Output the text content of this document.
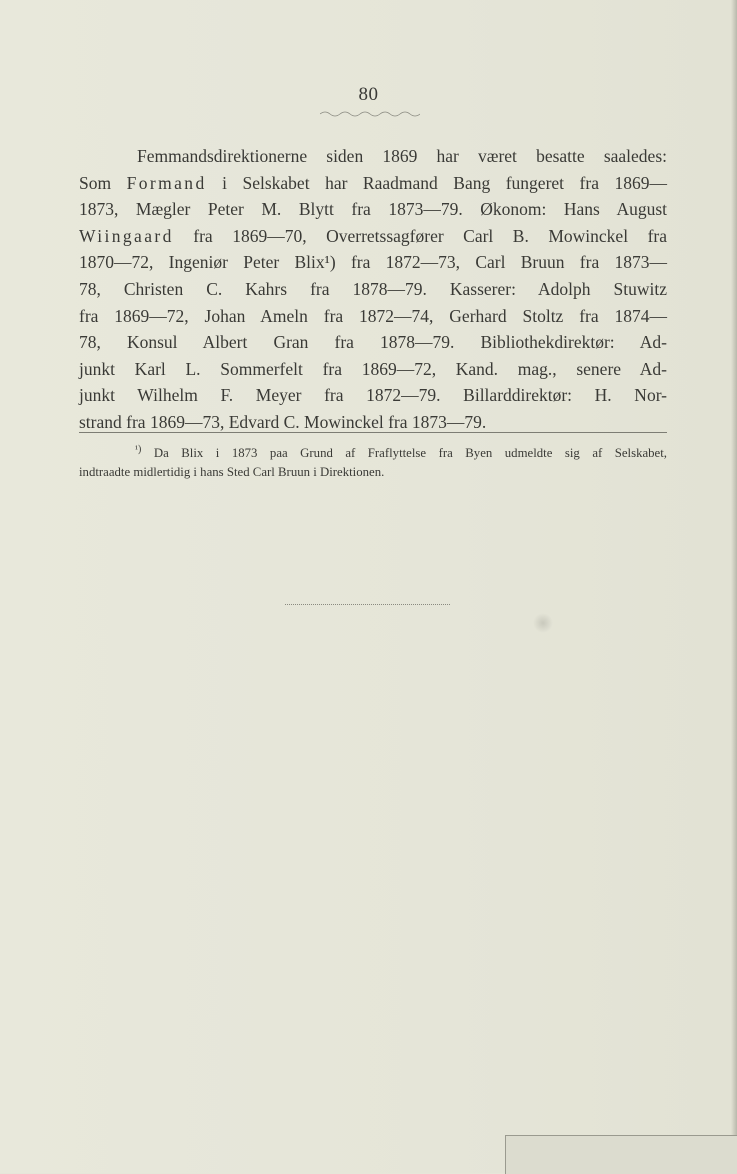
80
Femmandsdirektionerne siden 1869 har været besatte saaledes:
Som Formand i Selskabet har Raadmand Bang fungeret fra 1869—
1873, Mægler Peter M. Blytt fra 1873—79. Økonom: Hans August
Wiingaard fra 1869—70, Overretssagfører Carl B. Mowinckel fra
1870—72, Ingeniør Peter Blix¹) fra 1872—73, Carl Bruun fra 1873—
78, Christen C. Kahrs fra 1878—79. Kasserer: Adolph Stuwitz
fra 1869—72, Johan Ameln fra 1872—74, Gerhard Stoltz fra 1874—
78, Konsul Albert Gran fra 1878—79. Bibliothekdirektør: Ad-
junkt Karl L. Sommerfelt fra 1869—72, Kand. mag., senere Ad-
junkt Wilhelm F. Meyer fra 1872—79. Billarddirektør: H. Nor-
strand fra 1869—73, Edvard C. Mowinckel fra 1873—79.
$^{^1)}$ Da Blix i 1873 paa Grund af Fraflyttelse fra Byen udmeldte sig af Selskabet,
indtraadte midlertidig i hans Sted Carl Bruun i Direktionen.
